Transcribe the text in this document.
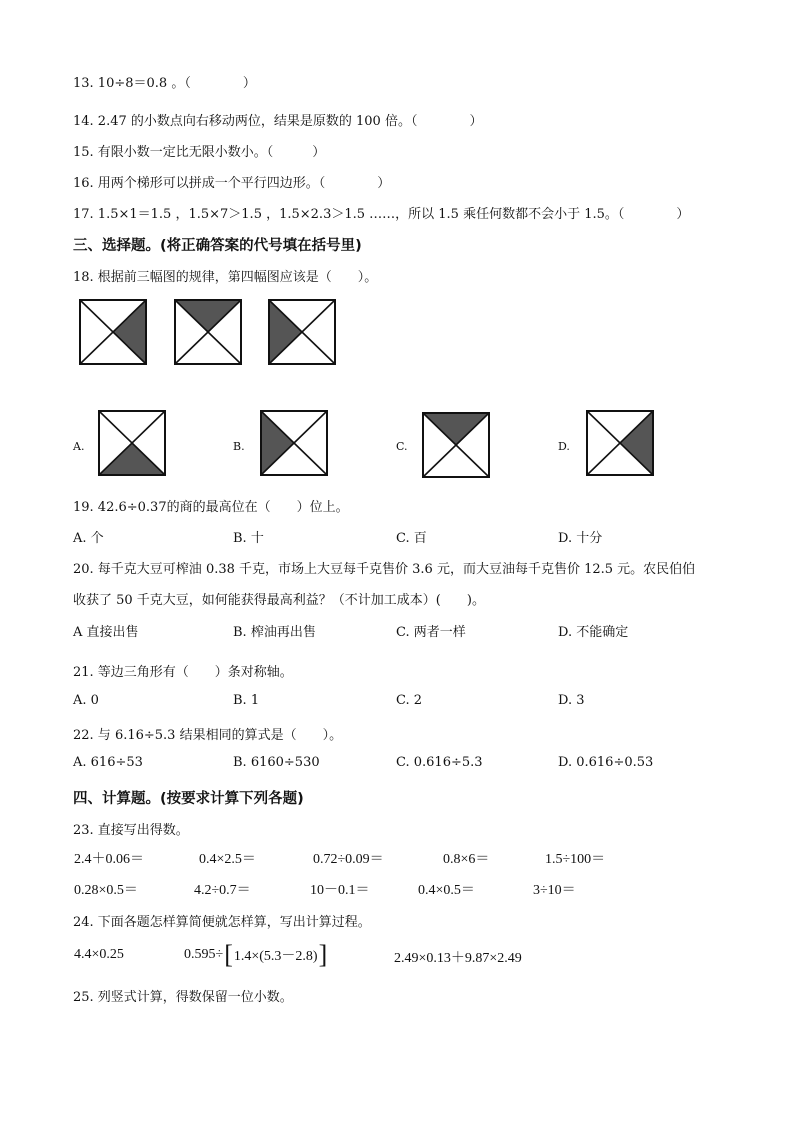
13. 10÷8＝0.8 。（　　　　）
14. 2.47 的小数点向右移动两位，结果是原数的 100 倍。（　　　　）
15. 有限小数一定比无限小数小。（　　　）
16. 用两个梯形可以拼成一个平行四边形。（　　　　）
17. 1.5×1＝1.5 ，1.5×7＞1.5 ，1.5×2.3＞1.5 ……，所以 1.5 乘任何数都不会小于 1.5。（　　　　）
三、选择题。(将正确答案的代号填在括号里)
18. 根据前三幅图的规律，第四幅图应该是（　　）。
A.	B.	C.	D.
19. 42.6÷0.37的商的最高位在（　　）位上。
A. 个	B. 十	C. 百	D. 十分
20. 每千克大豆可榨油 0.38 千克，市场上大豆每千克售价 3.6 元，而大豆油每千克售价 12.5 元。农民伯伯
收获了 50 千克大豆，如何能获得最高利益？（不计加工成本）(　　)。
A 直接出售	B. 榨油再出售	C. 两者一样	D. 不能确定
21. 等边三角形有（　　）条对称轴。
A. 0	B. 1	C. 2	D. 3
22. 与 6.16÷5.3 结果相同的算式是（　　）。
A. 616÷53	B. 6160÷530	C. 0.616÷5.3	D. 0.616÷0.53
四、计算题。(按要求计算下列各题)
23. 直接写出得数。
2.4＋0.06＝	0.4×2.5＝	0.72÷0.09＝	0.8×6＝	1.5÷100＝
0.28×0.5＝	4.2÷0.7＝	10－0.1＝	0.4×0.5＝	3÷10＝
24. 下面各题怎样算简便就怎样算，写出计算过程。
4.4×0.25	0.595÷ [ 1.4×(5.3－2.8) ]	2.49×0.13＋9.87×2.49
25. 列竖式计算，得数保留一位小数。
